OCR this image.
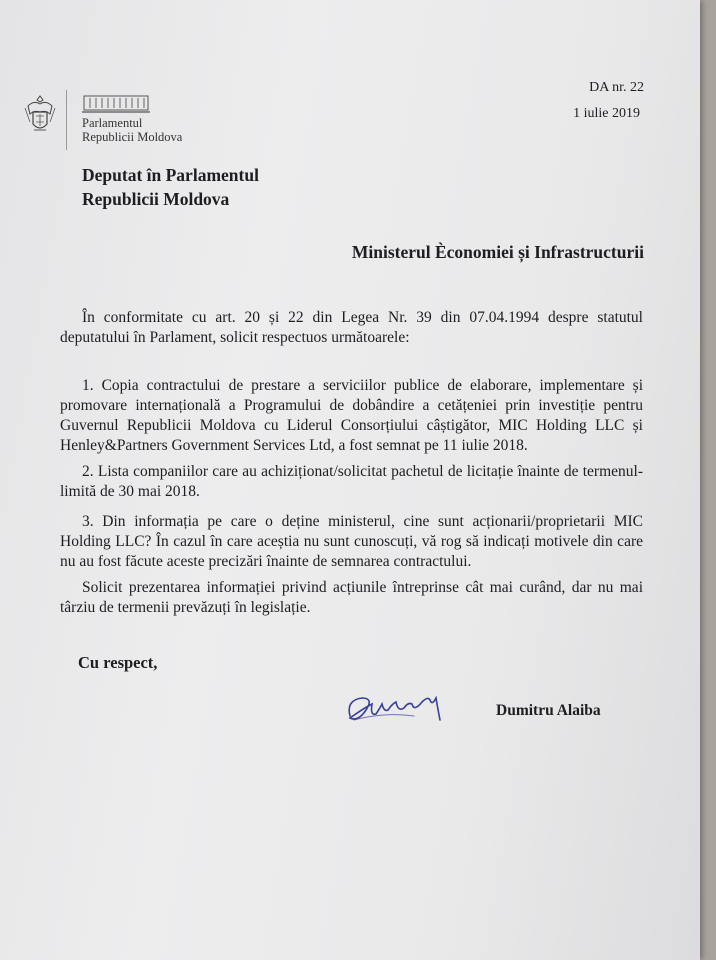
Parlamentul
Republicii Moldova
DA nr. 22
1 iulie 2019
Deputat în Parlamentul
Republicii Moldova
Ministerul Èconomiei și Infrastructurii

În conformitate cu art. 20 și 22 din Legea Nr. 39 din 07.04.1994 despre statutul deputatului în Parlament, solicit respectuos următoarele:

1. Copia contractului de prestare a serviciilor publice de elaborare, implementare și promovare internațională a Programului de dobândire a cetățeniei prin investiție pentru Guvernul Republicii Moldova cu Liderul Consorțiului câștigător, MIC Holding LLC și Henley&Partners Government Services Ltd, a fost semnat pe 11 iulie 2018.

2. Lista companiilor care au achiziționat/solicitat pachetul de licitație înainte de termenul-limită de 30 mai 2018.

3. Din informația pe care o deține ministerul, cine sunt acționarii/proprietarii MIC Holding LLC? În cazul în care aceștia nu sunt cunoscuți, vă rog să indicați motivele din care nu au fost făcute aceste precizări înainte de semnarea contractului.

Solicit prezentarea informației privind acțiunile întreprinse cât mai curând, dar nu mai târziu de termenii prevăzuți în legislație.

Cu respect,
Dumitru Alaiba
